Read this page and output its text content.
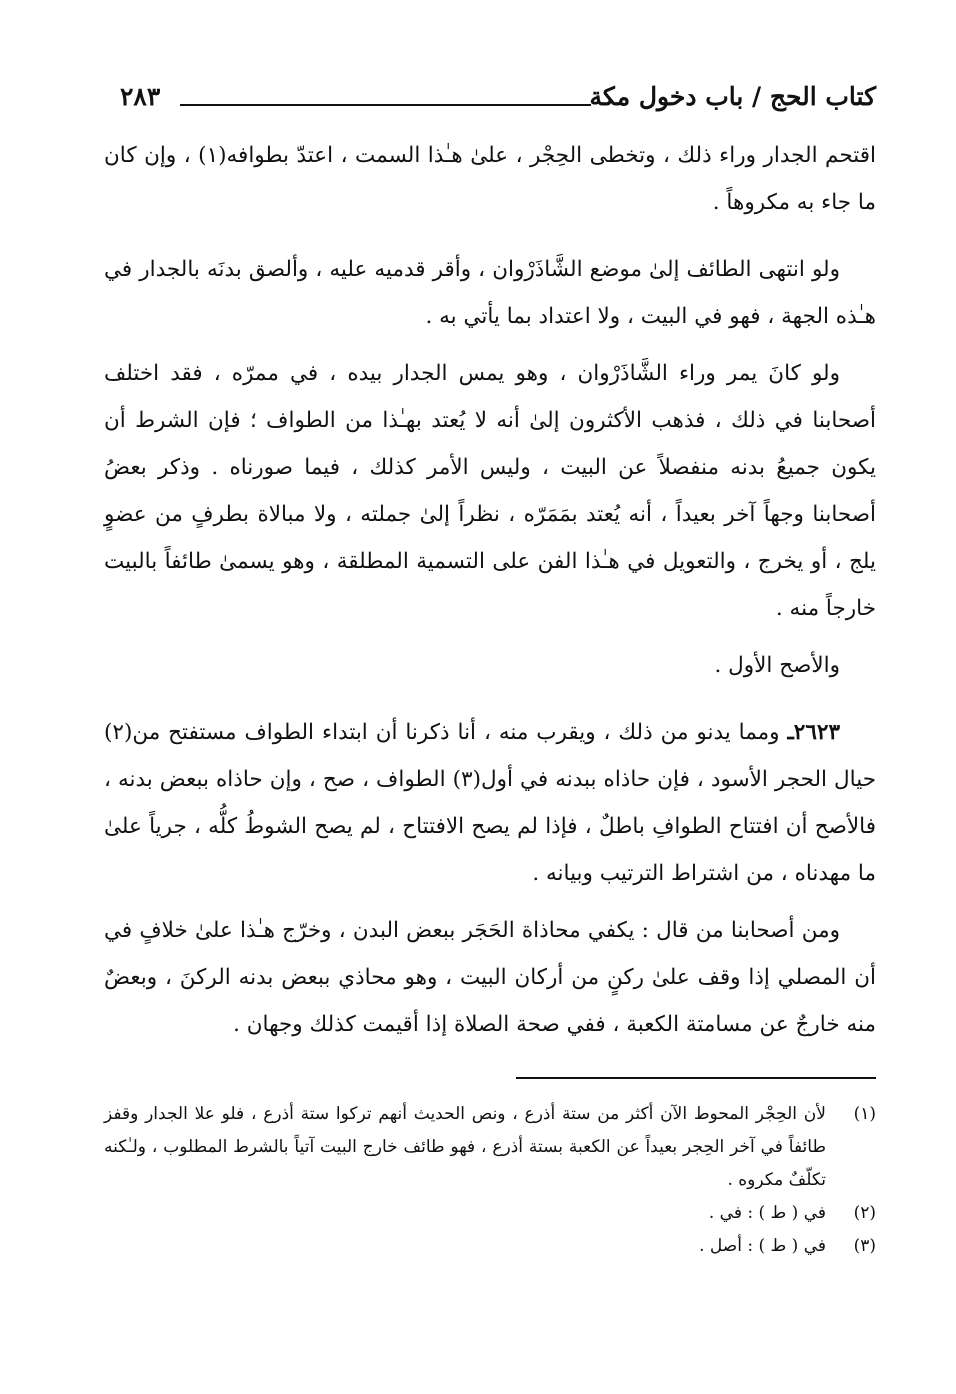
كتاب الحج / باب دخول مكة
٢٨٣

اقتحم الجدار وراء ذلك ، وتخطى الحِجْر ، علىٰ هـٰذا السمت ، اعتدّ بطوافه(١) ، وإن كان ما جاء به مكروهاً .

ولو انتهى الطائف إلىٰ موضع الشَّاذَرْوان ، وأقر قدميه عليه ، وألصق بدنَه بالجدار في هـٰذه الجهة ، فهو في البيت ، ولا اعتداد بما يأتي به .

ولو كانَ يمر وراء الشَّاذَرْوان ، وهو يمس الجدار بيده ، في ممرّه ، فقد اختلف أصحابنا في ذلك ، فذهب الأكثرون إلىٰ أنه لا يُعتد بهـٰذا من الطواف ؛ فإن الشرط أن يكون جميعُ بدنه منفصلاً عن البيت ، وليس الأمر كذلك ، فيما صورناه . وذكر بعضُ أصحابنا وجهاً آخر بعيداً ، أنه يُعتد بمَمَرّه ، نظراً إلىٰ جملته ، ولا مبالاة بطرفٍ من عضوٍ يلج ، أو يخرج ، والتعويل في هـٰذا الفن على التسمية المطلقة ، وهو يسمىٰ طائفاً بالبيت خارجاً منه .

والأصح الأول .

٢٦٢٣ـ ومما يدنو من ذلك ، ويقرب منه ، أنا ذكرنا أن ابتداء الطواف مستفتح من(٢) حيال الحجر الأسود ، فإن حاذاه ببدنه في أول(٣) الطواف ، صح ، وإن حاذاه ببعض بدنه ، فالأصح أن افتتاح الطوافِ باطلٌ ، فإذا لم يصح الافتتاح ، لم يصح الشوطُ كلُّه ، جرياً علىٰ ما مهدناه ، من اشتراط الترتيب وبيانه .

ومن أصحابنا من قال : يكفي محاذاة الحَجَر ببعض البدن ، وخرّج هـٰذا علىٰ خلافٍ في أن المصلي إذا وقف علىٰ ركنٍ من أركان البيت ، وهو محاذي ببعض بدنه الركنَ ، وبعضٌ منه خارجٌ عن مسامتة الكعبة ، ففي صحة الصلاة إذا أقيمت كذلك وجهان .

(١)
لأن الحِجْر المحوط الآن أكثر من ستة أذرع ، ونص الحديث أنهم تركوا ستة أذرع ، فلو علا الجدار وقفز طائفاً في آخر الحِجر بعيداً عن الكعبة بستة أذرع ، فهو طائف خارج البيت آتياً بالشرط المطلوب ، ولـٰكنه تكلّفٌ مكروه .
(٢)
في ( ط ) : في .
(٣)
في ( ط ) : أصل .
